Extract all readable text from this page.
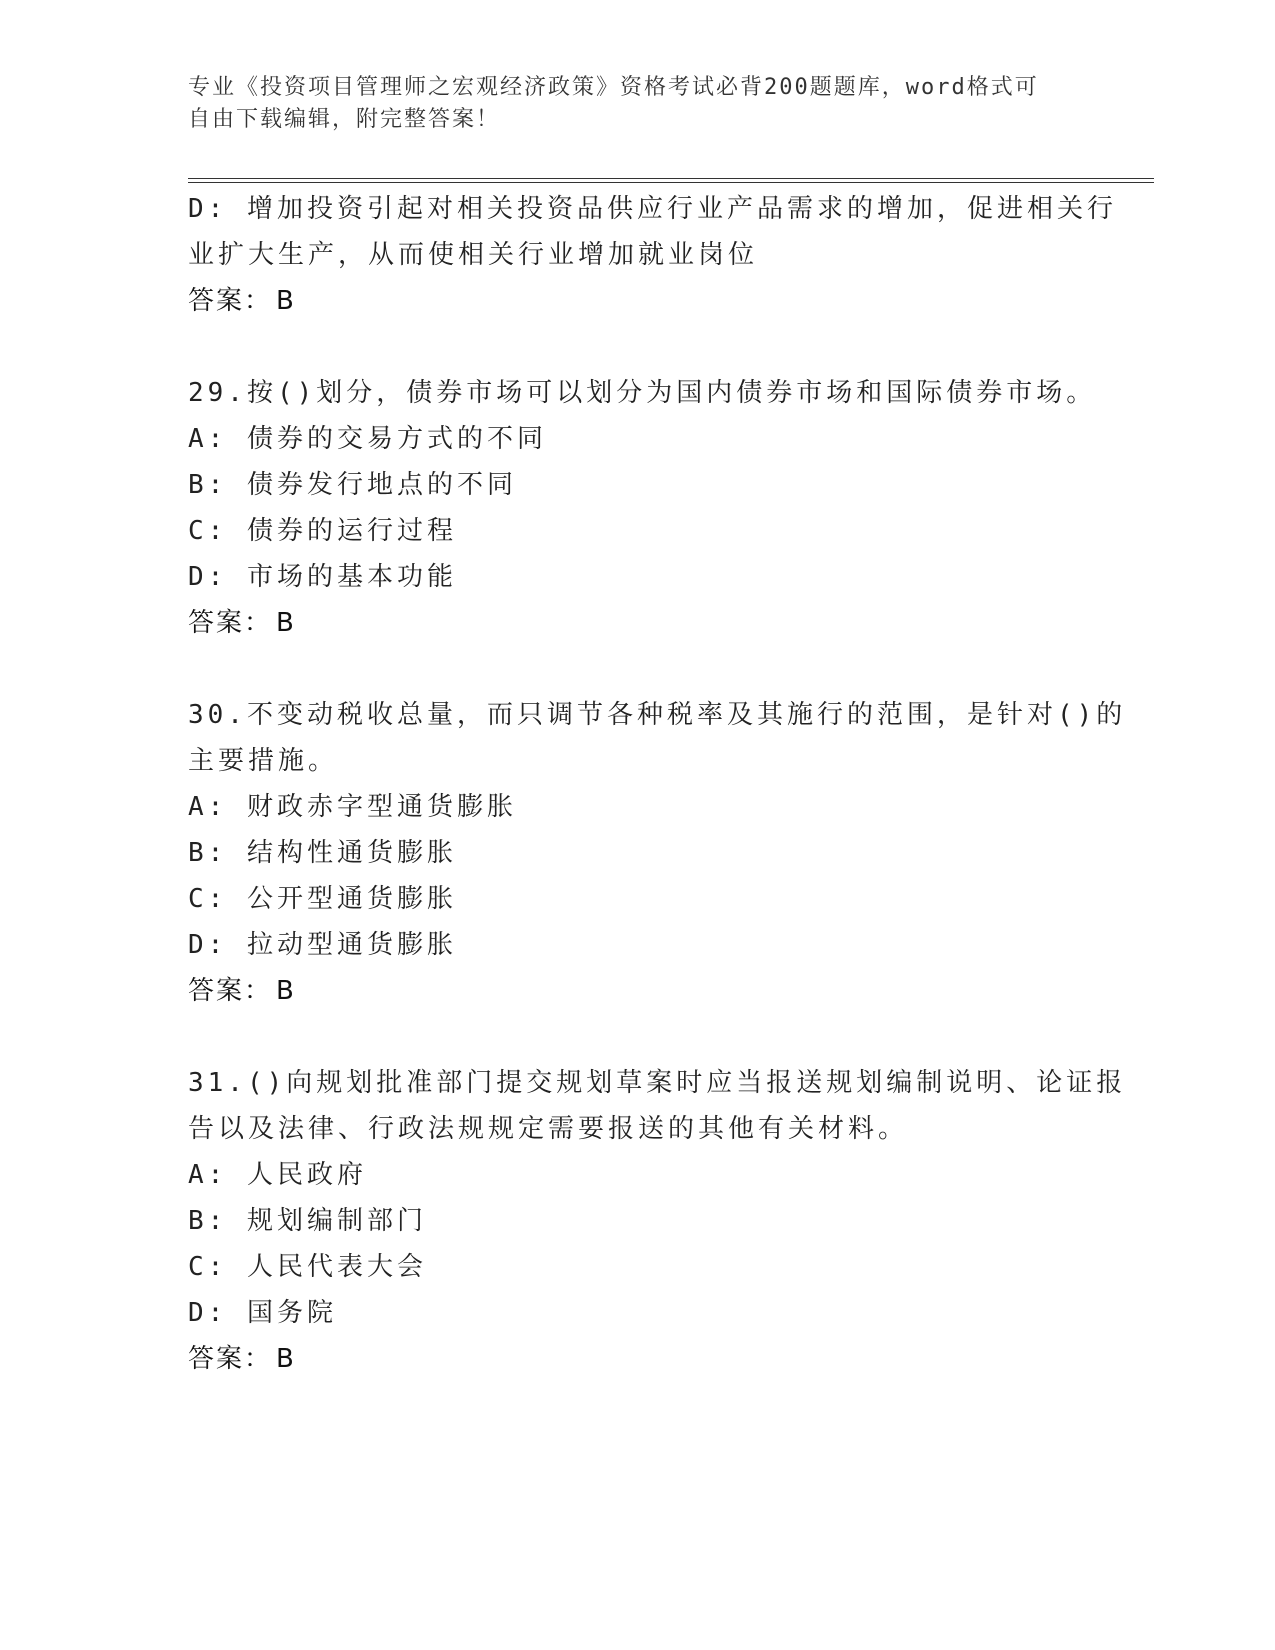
专业《投资项目管理师之宏观经济政策》资格考试必背200题题库，word格式可
自由下载编辑，附完整答案！
D: 增加投资引起对相关投资品供应行业产品需求的增加，促进相关行
业扩大生产，从而使相关行业增加就业岗位
答案： B
29.按()划分，债券市场可以划分为国内债券市场和国际债券市场。
A: 债券的交易方式的不同
B: 债券发行地点的不同
C: 债券的运行过程
D: 市场的基本功能
答案： B
30.不变动税收总量，而只调节各种税率及其施行的范围，是针对()的
主要措施。
A: 财政赤字型通货膨胀
B: 结构性通货膨胀
C: 公开型通货膨胀
D: 拉动型通货膨胀
答案： B
31.()向规划批准部门提交规划草案时应当报送规划编制说明、论证报
告以及法律、行政法规规定需要报送的其他有关材料。
A: 人民政府
B: 规划编制部门
C: 人民代表大会
D: 国务院
答案： B
